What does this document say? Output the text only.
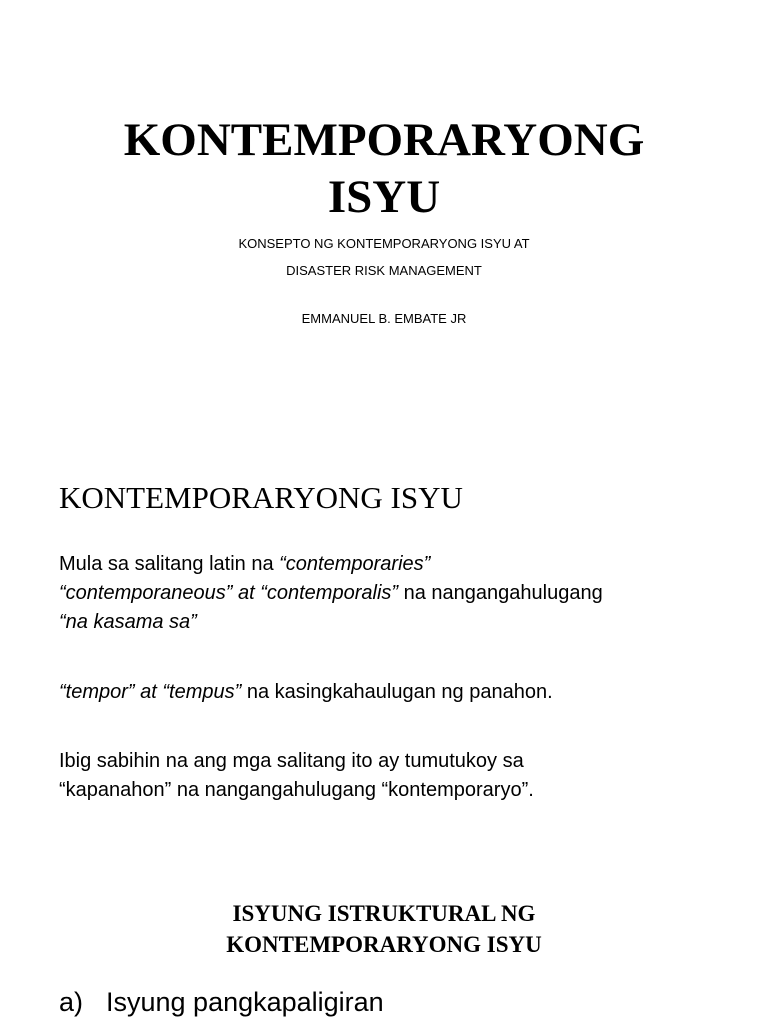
KONTEMPORARYONG
ISYU

KONSEPTO NG KONTEMPORARYONG ISYU AT
DISASTER RISK MANAGEMENT

EMMANUEL B. EMBATE JR

KONTEMPORARYONG ISYU

Mula sa salitang latin na “contemporaries”
“contemporaneous” at “contemporalis” na nangangahulugang
“na kasama sa”

“tempor” at “tempus” na kasingkahaulugan ng panahon.

Ibig sabihin na ang mga salitang ito ay tumutukoy sa
“kapanahon” na nangangahulugang “kontemporaryo”.

ISYUNG ISTRUKTURAL NG
KONTEMPORARYONG ISYU

a) Isyung pangkapaligiran
